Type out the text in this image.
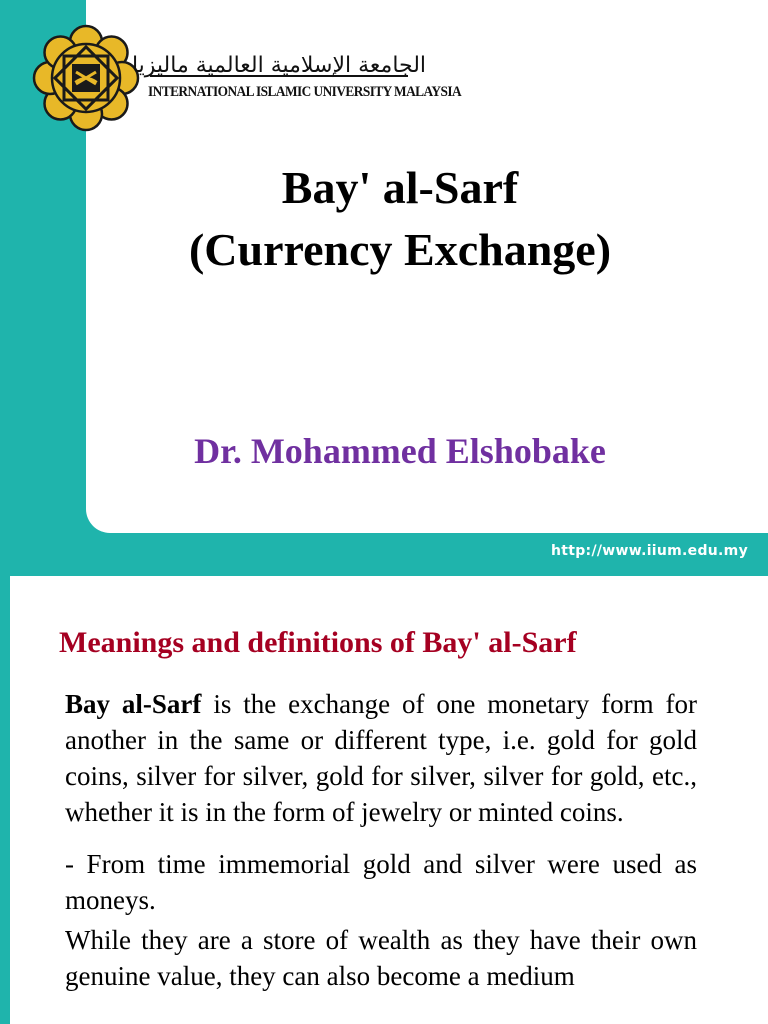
الجامعة الإسلامية العالمية ماليزيا
INTERNATIONAL ISLAMIC UNIVERSITY MALAYSIA
Bay' al-Sarf
(Currency Exchange)

Dr. Mohammed Elshobake

http://www.iium.edu.my
Meanings and definitions of Bay' al-Sarf

Bay al-Sarf is the exchange of one monetary form for another in the same or different type, i.e. gold for gold coins, silver for silver, gold for silver, silver for gold, etc., whether it is in the form of jewelry or minted coins.

- From time immemorial gold and silver were used as moneys.

While they are a store of wealth as they have their own genuine value, they can also become a medium
